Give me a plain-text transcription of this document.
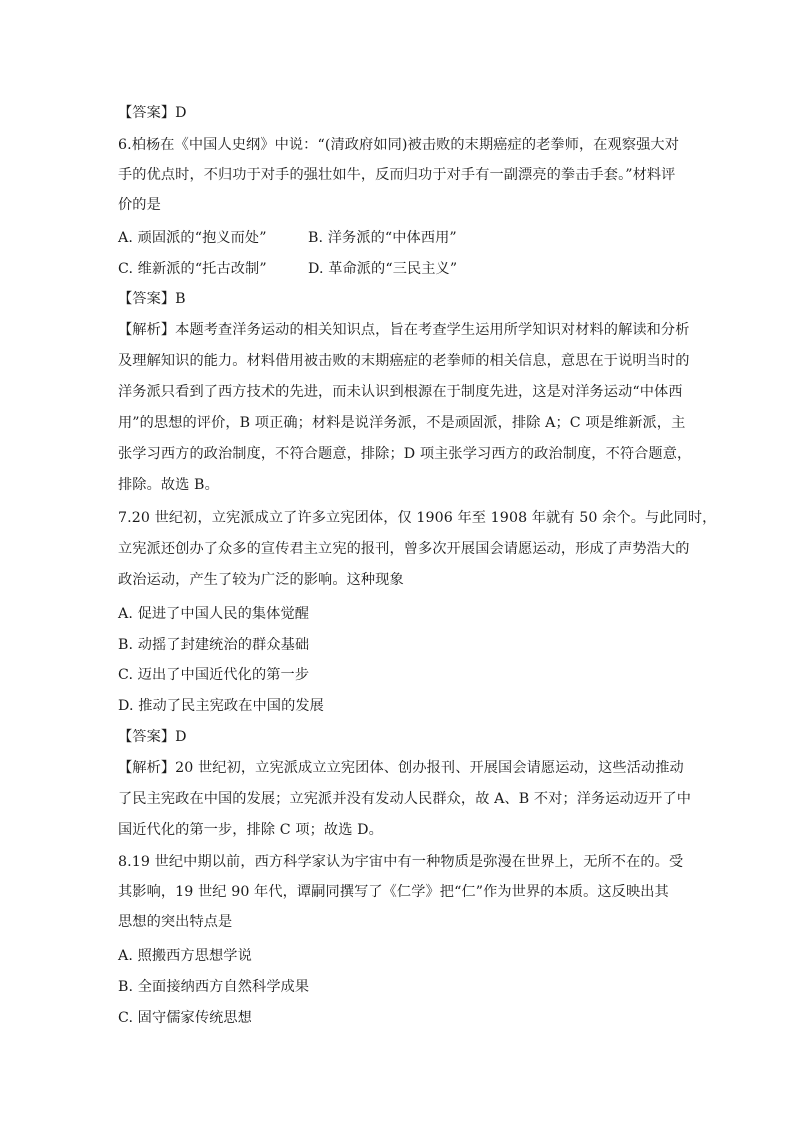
【答案】D
6.柏杨在《中国人史纲》中说：“(清政府如同)被击败的末期癌症的老拳师，在观察强大对
手的优点时，不归功于对手的强壮如牛，反而归功于对手有一副漂亮的拳击手套。”材料评
价的是
A. 顽固派的“抱义而处”	B. 洋务派的“中体西用”
C. 维新派的“托古改制”	D. 革命派的“三民主义”
【答案】B
【解析】本题考查洋务运动的相关知识点，旨在考查学生运用所学知识对材料的解读和分析
及理解知识的能力。材料借用被击败的末期癌症的老拳师的相关信息，意思在于说明当时的
洋务派只看到了西方技术的先进，而未认识到根源在于制度先进，这是对洋务运动“中体西
用”的思想的评价，B 项正确；材料是说洋务派，不是顽固派，排除 A；C 项是维新派，主
张学习西方的政治制度，不符合题意，排除；D 项主张学习西方的政治制度，不符合题意，
排除。故选 B。
7.20 世纪初，立宪派成立了许多立宪团体，仅 1906 年至 1908 年就有 50 余个。与此同时，
立宪派还创办了众多的宣传君主立宪的报刊，曾多次开展国会请愿运动，形成了声势浩大的
政治运动，产生了较为广泛的影响。这种现象
A. 促进了中国人民的集体觉醒
B. 动摇了封建统治的群众基础
C. 迈出了中国近代化的第一步
D. 推动了民主宪政在中国的发展
【答案】D
【解析】20 世纪初，立宪派成立立宪团体、创办报刊、开展国会请愿运动，这些活动推动
了民主宪政在中国的发展；立宪派并没有发动人民群众，故 A、B 不对；洋务运动迈开了中
国近代化的第一步，排除 C 项；故选 D。
8.19 世纪中期以前，西方科学家认为宇宙中有一种物质是弥漫在世界上，无所不在的。受
其影响，19 世纪 90 年代，谭嗣同撰写了《仁学》把“仁”作为世界的本质。这反映出其
思想的突出特点是
A. 照搬西方思想学说
B. 全面接纳西方自然科学成果
C. 固守儒家传统思想
